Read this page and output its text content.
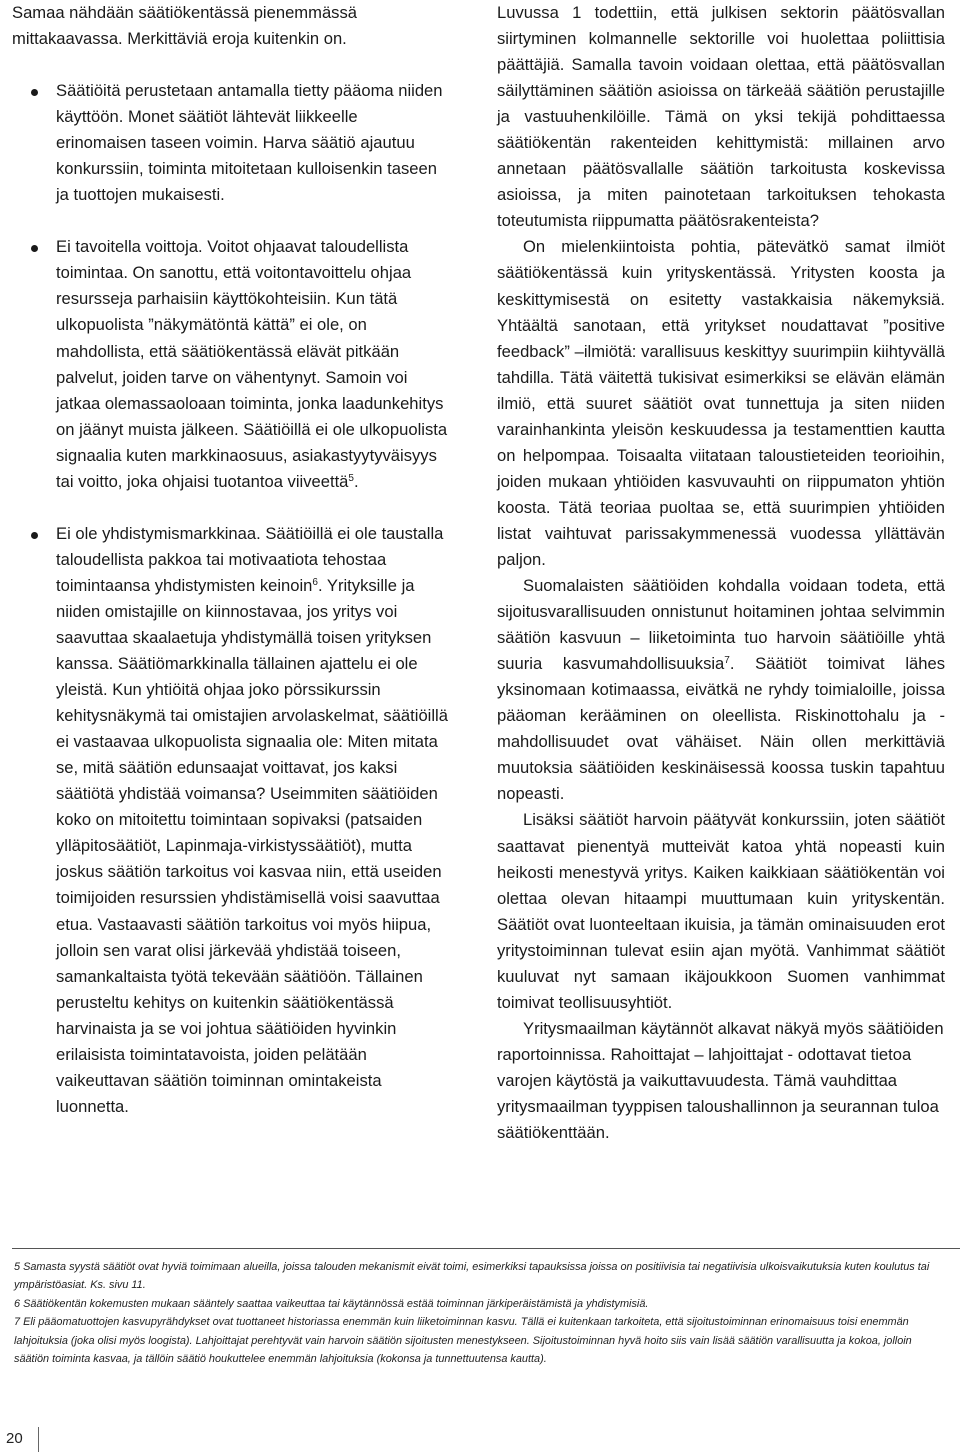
Samaa nähdään säätiökentässä pienemmässä mittakaavassa. Merkittäviä eroja kuitenkin on.

Säätiöitä perustetaan antamalla tietty pääoma niiden käyttöön. Monet säätiöt lähtevät liikkeelle erinomaisen taseen voimin. Harva säätiö ajautuu konkurssiin, toiminta mitoitetaan kulloisenkin taseen ja tuottojen mukaisesti.

Ei tavoitella voittoja. Voitot ohjaavat taloudellista toimintaa. On sanottu, että voitontavoittelu ohjaa resursseja parhaisiin käyttökohteisiin. Kun tätä ulkopuolista ”näkymätöntä kättä” ei ole, on mahdollista, että säätiökentässä elävät pitkään palvelut, joiden tarve on vähentynyt. Samoin voi jatkaa olemassaoloaan toiminta, jonka laadunkehitys on jäänyt muista jälkeen. Säätiöillä ei ole ulkopuolista signaalia kuten markkinaosuus, asiakastyytyväisyys tai voitto, joka ohjaisi tuotantoa viiveettä$^5$.

Ei ole yhdistymismarkkinaa. Säätiöillä ei ole taustalla taloudellista pakkoa tai motivaatiota tehostaa toimintaansa yhdistymisten keinoin$^6$. Yrityksille ja niiden omistajille on kiinnostavaa, jos yritys voi saavuttaa skaalaetuja yhdistymällä toisen yrityksen kanssa. Säätiömarkkinalla tällainen ajattelu ei ole yleistä. Kun yhtiöitä ohjaa joko pörssikurssin kehitysnäkymä tai omistajien arvolaskelmat, säätiöillä ei vastaavaa ulkopuolista signaalia ole: Miten mitata se, mitä säätiön edunsaajat voittavat, jos kaksi säätiötä yhdistää voimansa? Useimmiten säätiöiden koko on mitoitettu toimintaan sopivaksi (patsaiden ylläpitosäätiöt, Lapinmaja-virkistyssäätiöt), mutta joskus säätiön tarkoitus voi kasvaa niin, että useiden toimijoiden resurssien yhdistämisellä voisi saavuttaa etua. Vastaavasti säätiön tarkoitus voi myös hiipua, jolloin sen varat olisi järkevää yhdistää toiseen, samankaltaista työtä tekevään säätiöön. Tällainen perusteltu kehitys on kuitenkin säätiökentässä harvinaista ja se voi johtua säätiöiden hyvinkin erilaisista toimintatavoista, joiden pelätään vaikeuttavan säätiön toiminnan omintakeista luonnetta.

Luvussa 1 todettiin, että julkisen sektorin päätösvallan siirtyminen kolmannelle sektorille voi huolettaa poliittisia päättäjiä. Samalla tavoin voidaan olettaa, että päätösvallan säilyttäminen säätiön asioissa on tärkeää säätiön perustajille ja vastuuhenkilöille. Tämä on yksi tekijä pohdittaessa säätiökentän rakenteiden kehittymistä: millainen arvo annetaan päätösvallalle säätiön tarkoitusta koskevissa asioissa, ja miten painotetaan tarkoituksen tehokasta toteutumista riippumatta päätösrakenteista?

On mielenkiintoista pohtia, pätevätkö samat ilmiöt säätiökentässä kuin yrityskentässä. Yritysten koosta ja keskittymisestä on esitetty vastakkaisia näkemyksiä. Yhtäältä sanotaan, että yritykset noudattavat ”positive feedback” –ilmiötä: varallisuus keskittyy suurimpiin kiihtyvällä tahdilla. Tätä väitettä tukisivat esimerkiksi se elävän elämän ilmiö, että suuret säätiöt ovat tunnettuja ja siten niiden varainhankinta yleisön keskuudessa ja testamenttien kautta on helpompaa. Toisaalta viitataan taloustieteiden teorioihin, joiden mukaan yhtiöiden kasvuvauhti on riippumaton yhtiön koosta. Tätä teoriaa puoltaa se, että suurimpien yhtiöiden listat vaihtuvat parissakymmenessä vuodessa yllättävän paljon.

Suomalaisten säätiöiden kohdalla voidaan todeta, että sijoitusvarallisuuden onnistunut hoitaminen johtaa selvimmin säätiön kasvuun – liiketoiminta tuo harvoin säätiöille yhtä suuria kasvumahdollisuuksia$^7$. Säätiöt toimivat lähes yksinomaan kotimaassa, eivätkä ne ryhdy toimialoille, joissa pääoman kerääminen on oleellista. Riskinottohalu ja -mahdollisuudet ovat vähäiset. Näin ollen merkittäviä muutoksia säätiöiden keskinäisessä koossa tuskin tapahtuu nopeasti.

Lisäksi säätiöt harvoin päätyvät konkurssiin, joten säätiöt saattavat pienentyä mutteivät katoa yhtä nopeasti kuin heikosti menestyvä yritys. Kaiken kaikkiaan säätiökentän voi olettaa olevan hitaampi muuttumaan kuin yrityskentän. Säätiöt ovat luonteeltaan ikuisia, ja tämän ominaisuuden erot yritystoiminnan tulevat esiin ajan myötä. Vanhimmat säätiöt kuuluvat nyt samaan ikäjoukkoon Suomen vanhimmat toimivat teollisuusyhtiöt.

Yritysmaailman käytännöt alkavat näkyä myös säätiöiden raportoinnissa. Rahoittajat – lahjoittajat - odottavat tietoa varojen käytöstä ja vaikuttavuudesta. Tämä vauhdittaa yritysmaailman tyyppisen taloushallinnon ja seurannan tuloa säätiökenttään.

5 Samasta syystä säätiöt ovat hyviä toimimaan alueilla, joissa talouden mekanismit eivät toimi, esimerkiksi tapauksissa joissa on positiivisia tai negatiivisia ulkoisvaikutuksia kuten koulutus tai ympäristöasiat. Ks. sivu 11.

6 Säätiökentän kokemusten mukaan sääntely saattaa vaikeuttaa tai käytännössä estää toiminnan järkiperäistämistä ja yhdistymisiä.

7 Eli pääomatuottojen kasvupyrähdykset ovat tuottaneet historiassa enemmän kuin liiketoiminnan kasvu. Tällä ei kuitenkaan tarkoiteta, että sijoitustoiminnan erinomaisuus toisi enemmän lahjoituksia (joka olisi myös loogista). Lahjoittajat perehtyvät vain harvoin säätiön sijoitusten menestykseen. Sijoitustoiminnan hyvä hoito siis vain lisää säätiön varallisuutta ja kokoa, jolloin säätiön toiminta kasvaa, ja tällöin säätiö houkuttelee enemmän lahjoituksia (kokonsa ja tunnettuutensa kautta).

20
